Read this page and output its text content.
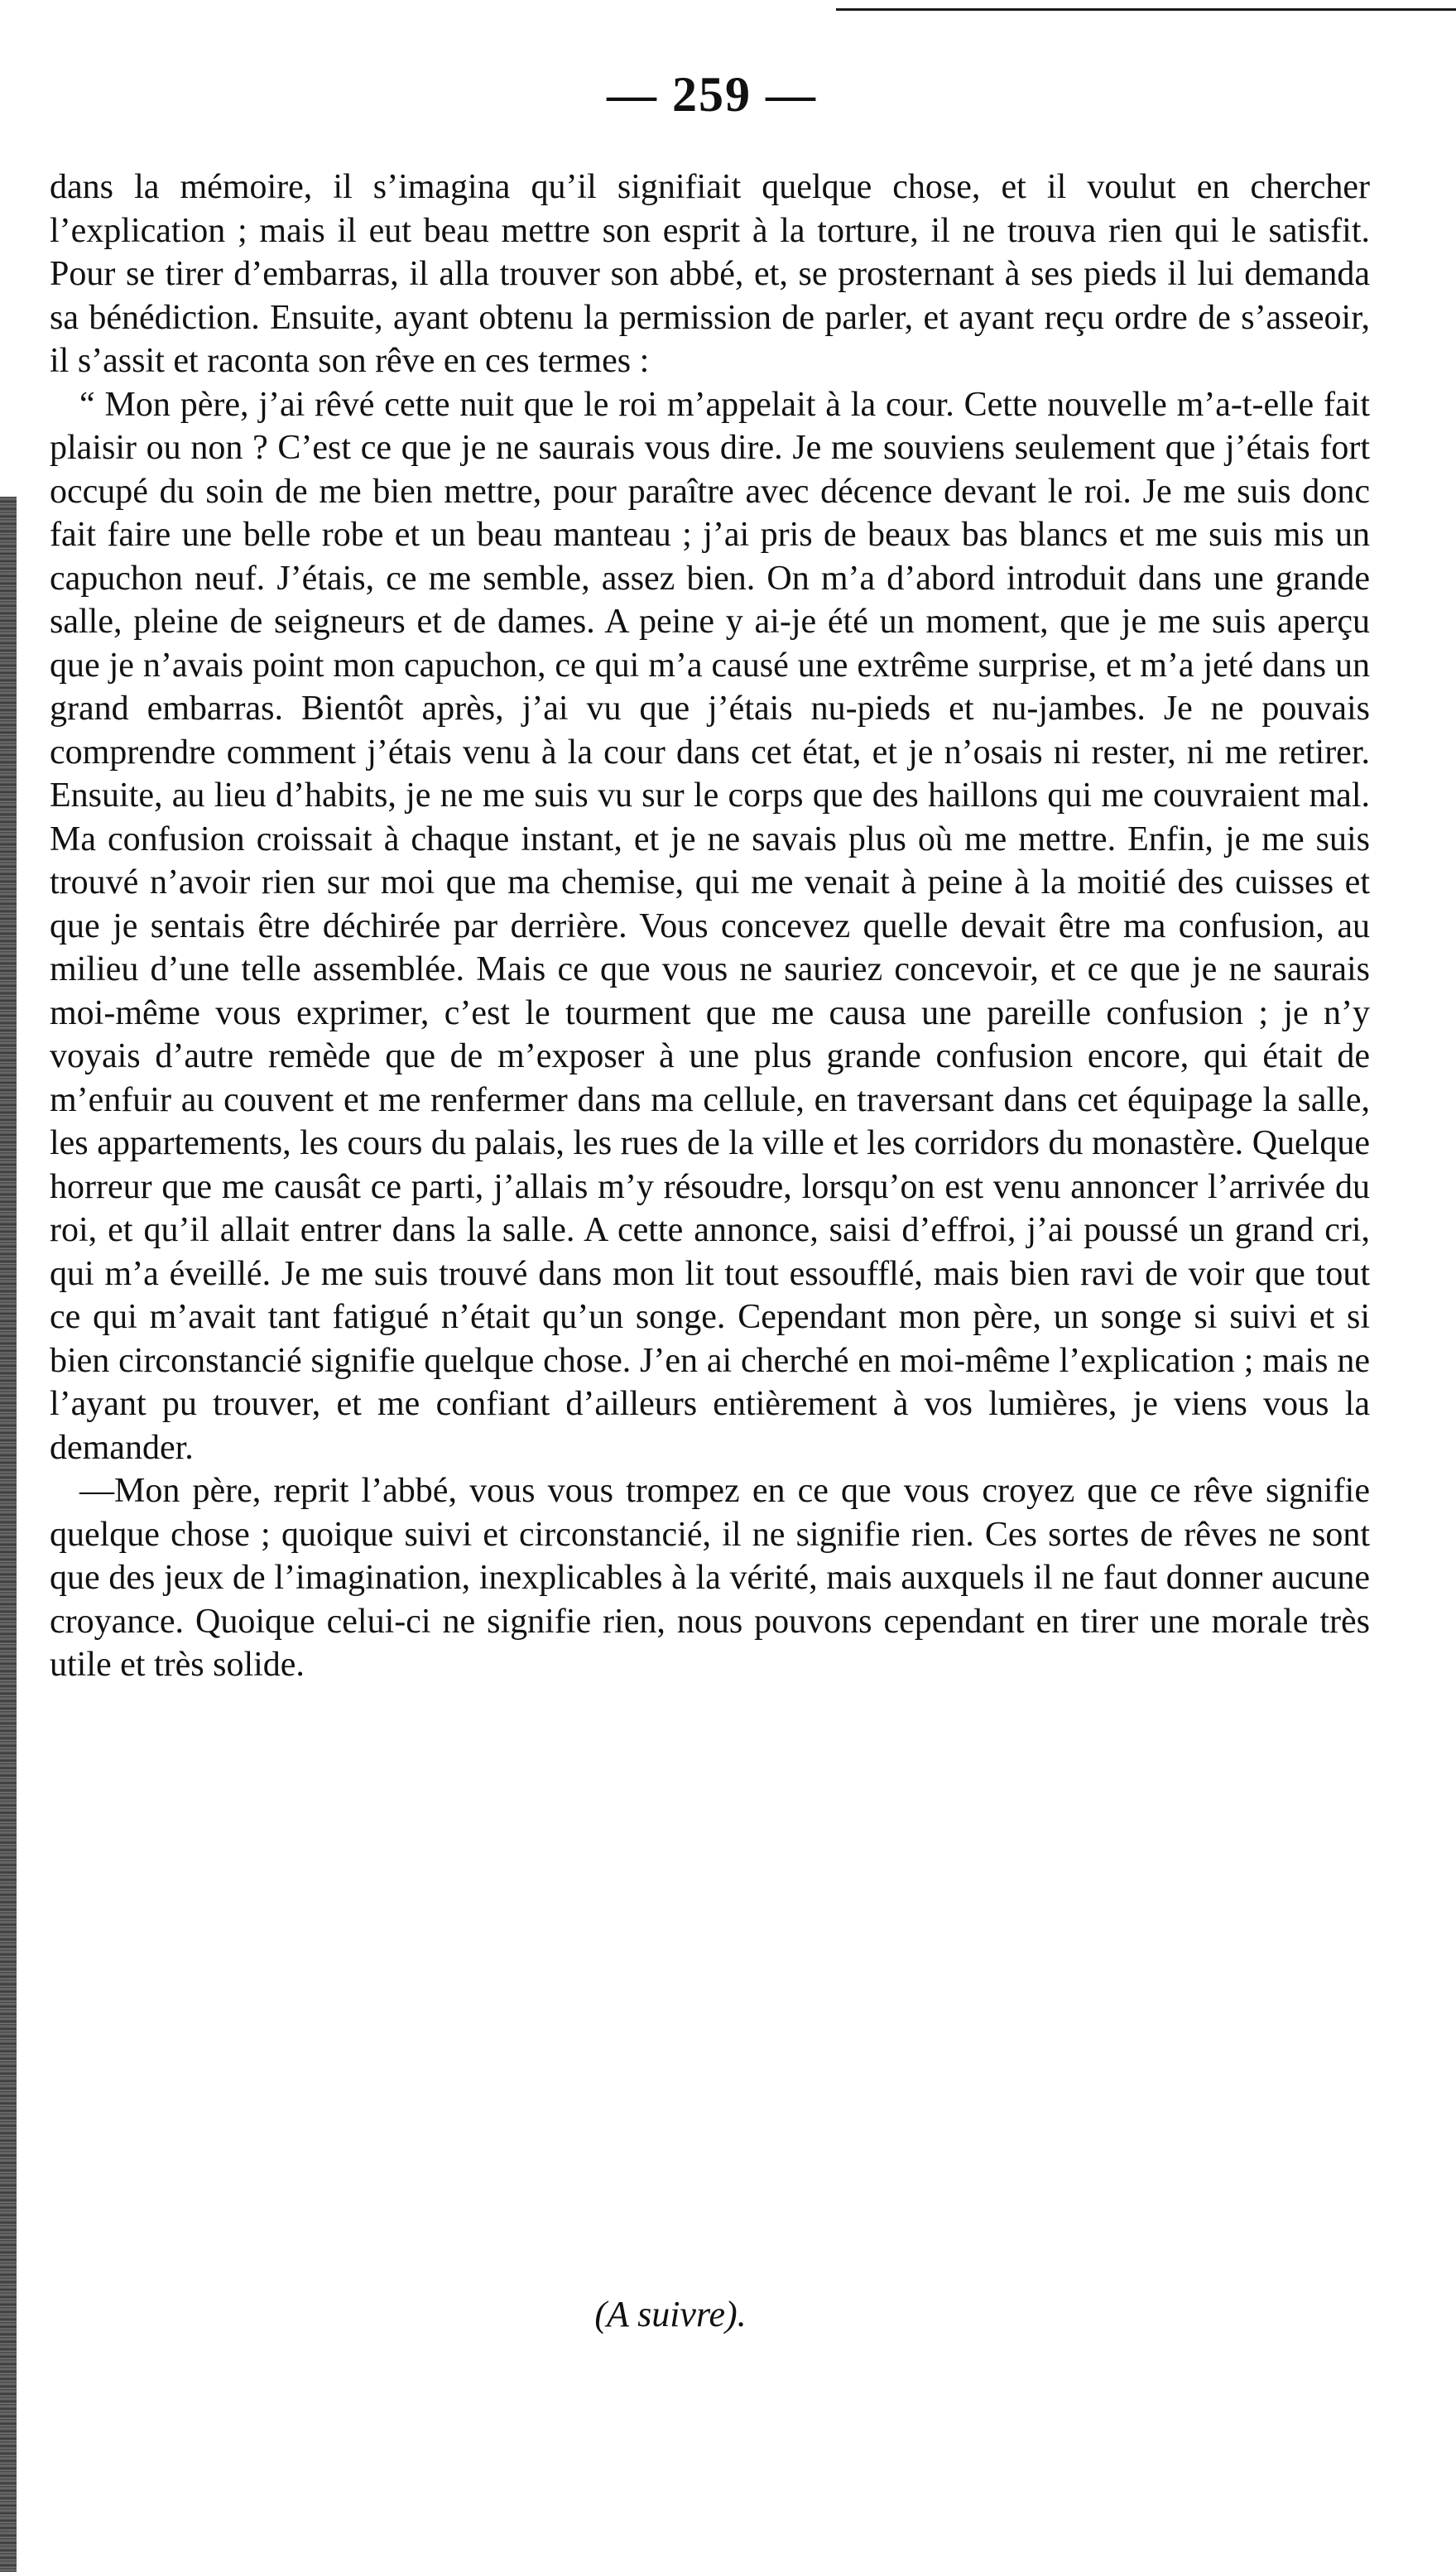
— 259 —

dans la mémoire, il s’imagina qu’il signifiait quelque chose, et il voulut en chercher l’explication ; mais il eut beau mettre son esprit à la torture, il ne trouva rien qui le satisfit. Pour se tirer d’embarras, il alla trouver son abbé, et, se prosternant à ses pieds il lui demanda sa bénédiction. Ensuite, ayant obtenu la permission de parler, et ayant reçu ordre de s’asseoir, il s’assit et raconta son rêve en ces termes :

“ Mon père, j’ai rêvé cette nuit que le roi m’appelait à la cour. Cette nouvelle m’a-t-elle fait plaisir ou non ? C’est ce que je ne saurais vous dire. Je me souviens seulement que j’étais fort occupé du soin de me bien mettre, pour paraître avec décence devant le roi. Je me suis donc fait faire une belle robe et un beau manteau ; j’ai pris de beaux bas blancs et me suis mis un capuchon neuf. J’étais, ce me semble, assez bien. On m’a d’abord introduit dans une grande salle, pleine de seigneurs et de dames. A peine y ai-je été un moment, que je me suis aperçu que je n’avais point mon capuchon, ce qui m’a causé une extrême surprise, et m’a jeté dans un grand embarras. Bientôt après, j’ai vu que j’étais nu-pieds et nu-jambes. Je ne pouvais comprendre comment j’étais venu à la cour dans cet état, et je n’osais ni rester, ni me retirer. Ensuite, au lieu d’habits, je ne me suis vu sur le corps que des haillons qui me couvraient mal. Ma confusion croissait à chaque instant, et je ne savais plus où me mettre. Enfin, je me suis trouvé n’avoir rien sur moi que ma chemise, qui me venait à peine à la moitié des cuisses et que je sentais être déchirée par derrière. Vous concevez quelle devait être ma confusion, au milieu d’une telle assemblée. Mais ce que vous ne sauriez concevoir, et ce que je ne saurais moi-même vous exprimer, c’est le tourment que me causa une pareille confusion ; je n’y voyais d’autre remède que de m’exposer à une plus grande confusion encore, qui était de m’enfuir au couvent et me renfermer dans ma cellule, en traversant dans cet équipage la salle, les appartements, les cours du palais, les rues de la ville et les corridors du monastère. Quelque horreur que me causât ce parti, j’allais m’y résoudre, lorsqu’on est venu annoncer l’arrivée du roi, et qu’il allait entrer dans la salle. A cette annonce, saisi d’effroi, j’ai poussé un grand cri, qui m’a éveillé. Je me suis trouvé dans mon lit tout essoufflé, mais bien ravi de voir que tout ce qui m’avait tant fatigué n’était qu’un songe. Cependant mon père, un songe si suivi et si bien circonstancié signifie quelque chose. J’en ai cherché en moi-même l’explication ; mais ne l’ayant pu trouver, et me confiant d’ailleurs entièrement à vos lumières, je viens vous la demander.

—Mon père, reprit l’abbé, vous vous trompez en ce que vous croyez que ce rêve signifie quelque chose ; quoique suivi et circonstancié, il ne signifie rien. Ces sortes de rêves ne sont que des jeux de l’imagination, inexplicables à la vérité, mais auxquels il ne faut donner aucune croyance. Quoique celui-ci ne signifie rien, nous pouvons cependant en tirer une morale très utile et très solide.

(A suivre).
